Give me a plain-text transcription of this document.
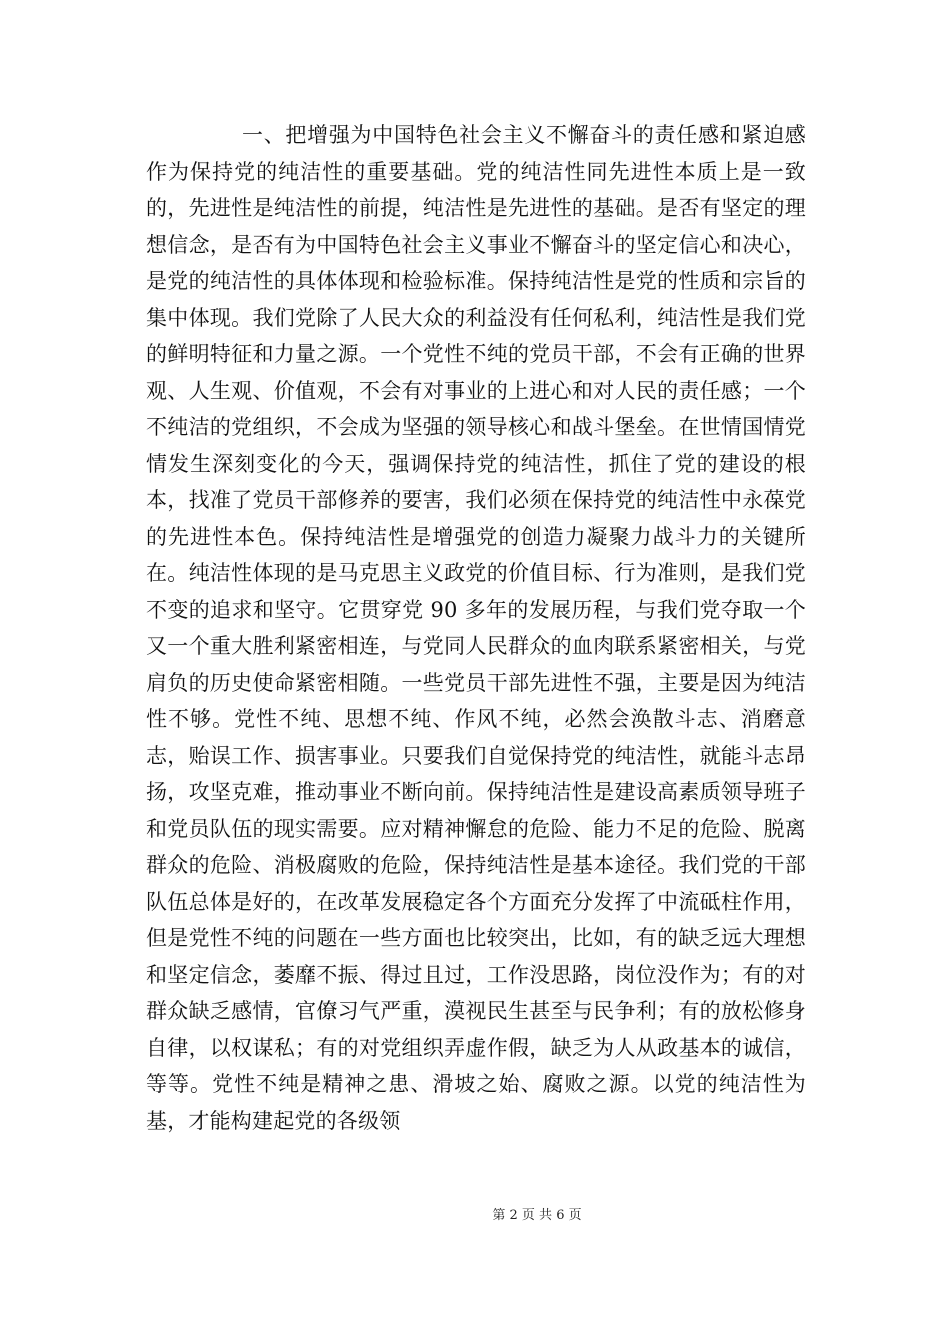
一、把增强为中国特色社会主义不懈奋斗的责任感和紧迫感作为保持党的纯洁性的重要基础。党的纯洁性同先进性本质上是一致的，先进性是纯洁性的前提，纯洁性是先进性的基础。是否有坚定的理想信念，是否有为中国特色社会主义事业不懈奋斗的坚定信心和决心，是党的纯洁性的具体体现和检验标准。保持纯洁性是党的性质和宗旨的集中体现。我们党除了人民大众的利益没有任何私利，纯洁性是我们党的鲜明特征和力量之源。一个党性不纯的党员干部，不会有正确的世界观、人生观、价值观，不会有对事业的上进心和对人民的责任感；一个不纯洁的党组织，不会成为坚强的领导核心和战斗堡垒。在世情国情党情发生深刻变化的今天，强调保持党的纯洁性，抓住了党的建设的根本，找准了党员干部修养的要害，我们必须在保持党的纯洁性中永葆党的先进性本色。保持纯洁性是增强党的创造力凝聚力战斗力的关键所在。纯洁性体现的是马克思主义政党的价值目标、行为准则，是我们党不变的追求和坚守。它贯穿党 90 多年的发展历程，与我们党夺取一个又一个重大胜利紧密相连，与党同人民群众的血肉联系紧密相关，与党肩负的历史使命紧密相随。一些党员干部先进性不强，主要是因为纯洁性不够。党性不纯、思想不纯、作风不纯，必然会涣散斗志、消磨意志，贻误工作、损害事业。只要我们自觉保持党的纯洁性，就能斗志昂扬，攻坚克难，推动事业不断向前。保持纯洁性是建设高素质领导班子和党员队伍的现实需要。应对精神懈怠的危险、能力不足的危险、脱离群众的危险、消极腐败的危险，保持纯洁性是基本途径。我们党的干部队伍总体是好的，在改革发展稳定各个方面充分发挥了中流砥柱作用，但是党性不纯的问题在一些方面也比较突出，比如，有的缺乏远大理想和坚定信念，萎靡不振、得过且过，工作没思路，岗位没作为；有的对群众缺乏感情，官僚习气严重，漠视民生甚至与民争利；有的放松修身自律，以权谋私；有的对党组织弄虚作假，缺乏为人从政基本的诚信，等等。党性不纯是精神之患、滑坡之始、腐败之源。以党的纯洁性为基，才能构建起党的各级领

第 2 页 共 6 页
